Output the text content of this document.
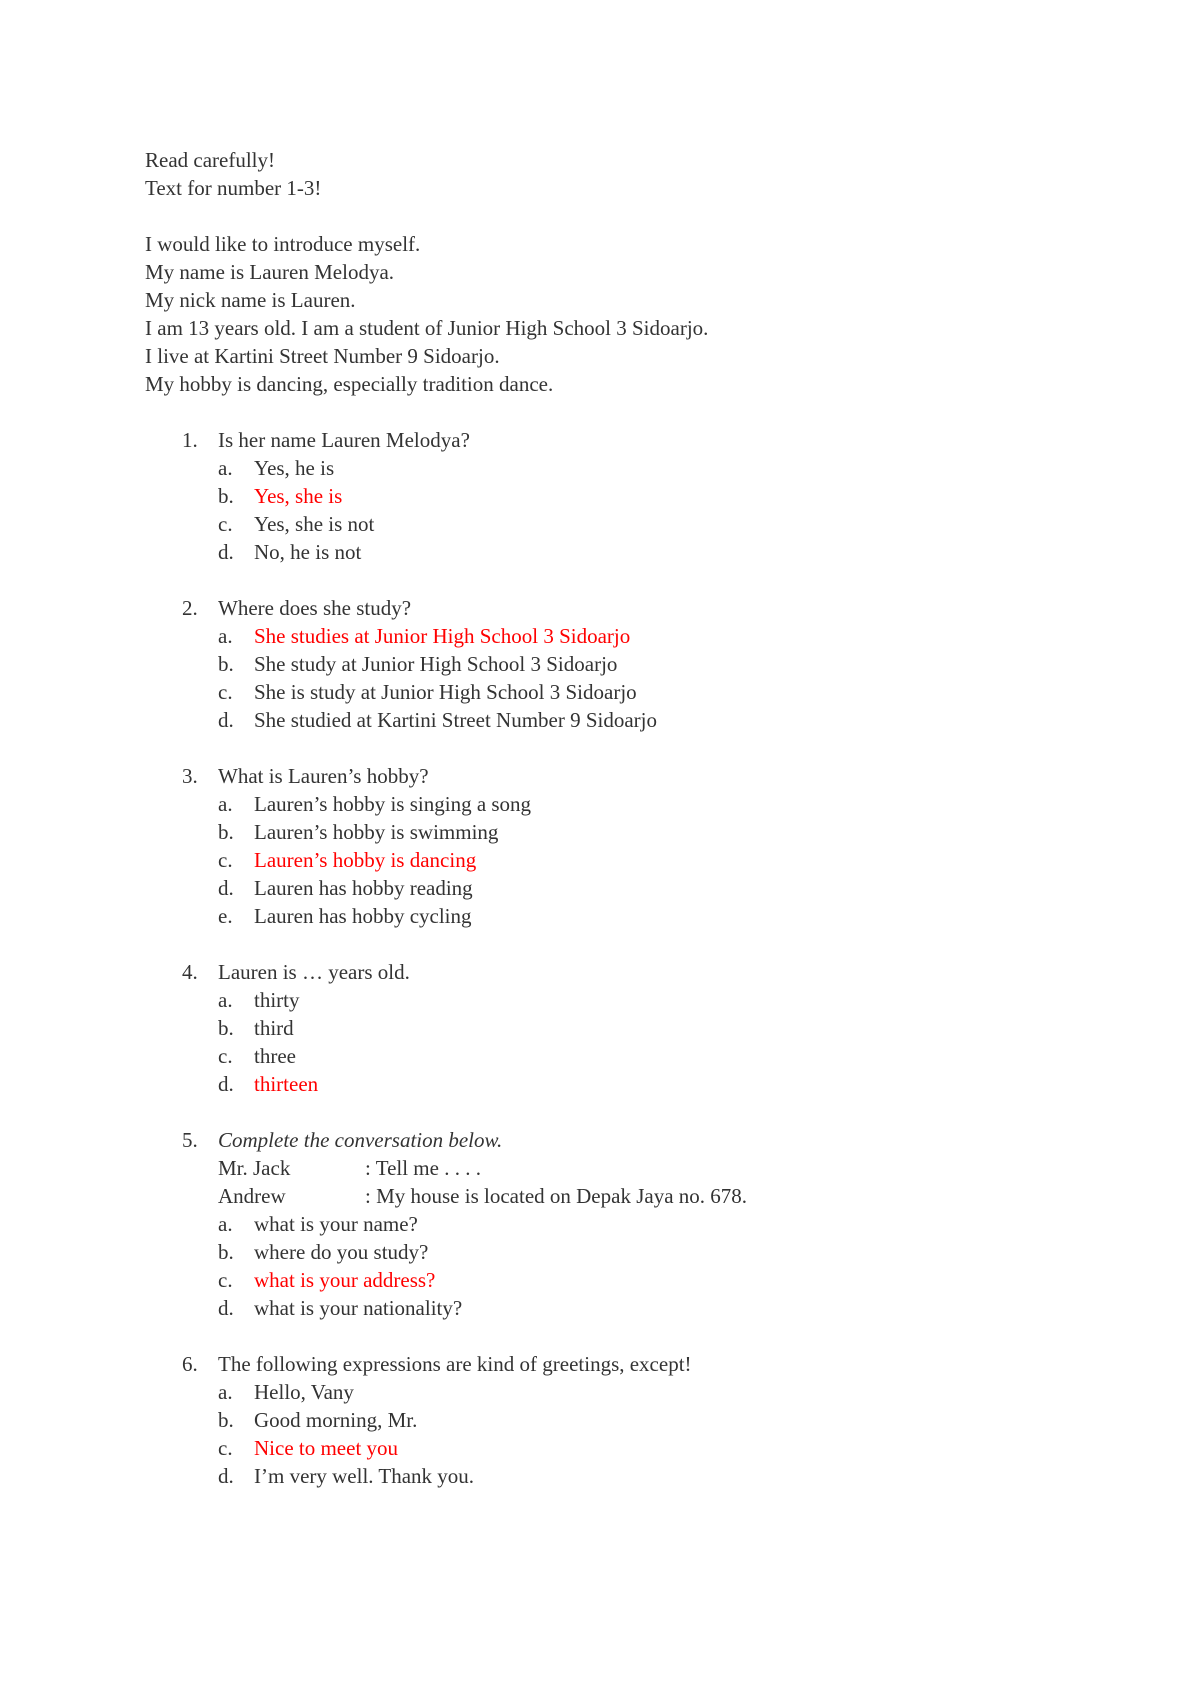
Read carefully!
Text for number 1-3!
I would like to introduce myself.
My name is Lauren Melodya.
My nick name is Lauren.
I am 13 years old. I am a student of Junior High School 3 Sidoarjo.
I live at Kartini Street Number 9 Sidoarjo.
My hobby is dancing, especially tradition dance.
1. Is her name Lauren Melodya?
a.	Yes, he is
b. Yes, she is
c.	Yes, she is not
d. No, he is not
2. Where does she study?
a.	She studies at Junior High School 3 Sidoarjo
b. She study at Junior High School 3 Sidoarjo
c.	She is study at Junior High School 3 Sidoarjo
d. She studied at Kartini Street Number 9 Sidoarjo
3. What is Lauren’s hobby?
a.	Lauren’s hobby is singing a song
b. Lauren’s hobby is swimming
c.	Lauren’s hobby is dancing
d. Lauren has hobby reading
e.	Lauren has hobby cycling
4. Lauren is … years old.
a.	thirty
b. third
c.	three
d. thirteen
5. Complete the conversation below.
Mr. Jack	: Tell me . . . .
Andrew	: My house is located on Depak Jaya no. 678.
a.	what is your name?
b. where do you study?
c.	what is your address?
d. what is your nationality?
6. The following expressions are kind of greetings, except!
a.	Hello, Vany
b. Good morning, Mr.
c.	Nice to meet you
d. I’m very well. Thank you.
